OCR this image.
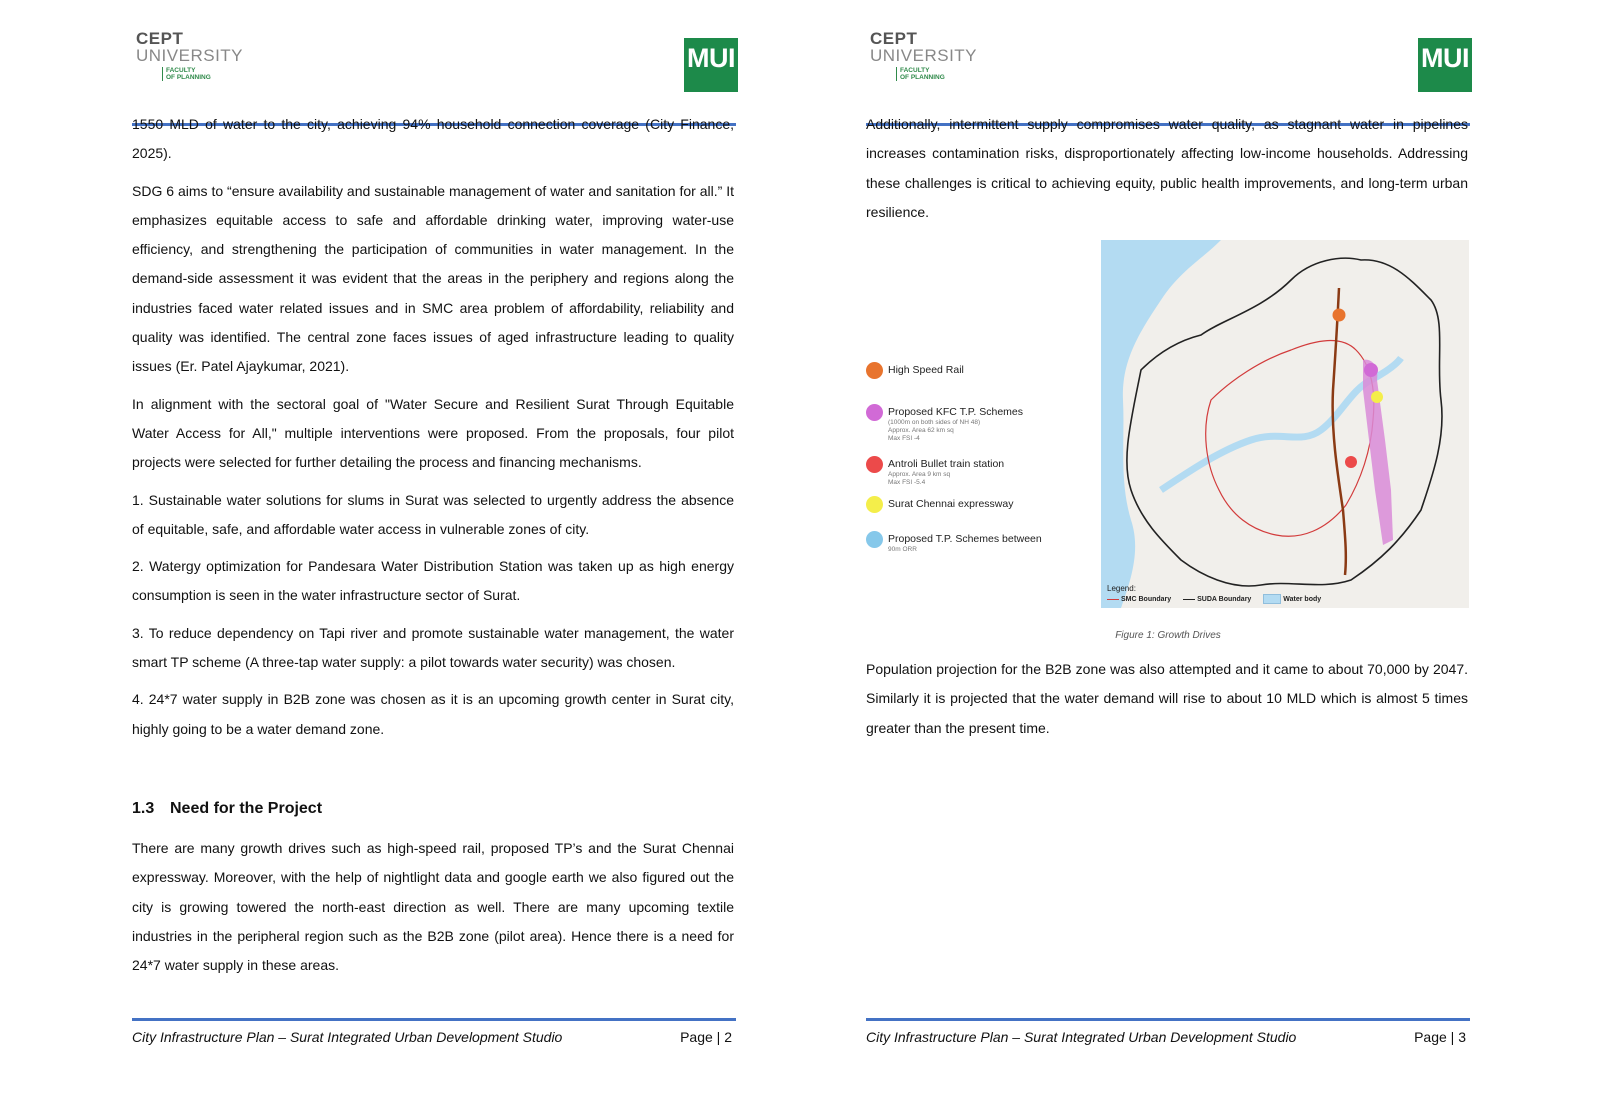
CEPT
UNIVERSITY
FACULTY
OF PLANNING
MUI

1550 MLD of water to the city, achieving 94% household connection coverage (City Finance, 2025).

SDG 6 aims to “ensure availability and sustainable management of water and sanitation for all.” It emphasizes equitable access to safe and affordable drinking water, improving water-use efficiency, and strengthening the participation of communities in water management. In the demand-side assessment it was evident that the areas in the periphery and regions along the industries faced water related issues and in SMC area problem of affordability, reliability and quality was identified. The central zone faces issues of aged infrastructure leading to quality issues (Er. Patel Ajaykumar, 2021).

In alignment with the sectoral goal of "Water Secure and Resilient Surat Through Equitable Water Access for All," multiple interventions were proposed. From the proposals, four pilot projects were selected for further detailing the process and financing mechanisms.

1. Sustainable water solutions for slums in Surat was selected to urgently address the absence of equitable, safe, and affordable water access in vulnerable zones of city.

2. Watergy optimization for Pandesara Water Distribution Station was taken up as high energy consumption is seen in the water infrastructure sector of Surat.

3. To reduce dependency on Tapi river and promote sustainable water management, the water smart TP scheme (A three-tap water supply: a pilot towards water security) was chosen.

4. 24*7 water supply in B2B zone was chosen as it is an upcoming growth center in Surat city, highly going to be a water demand zone.

1.3 Need for the Project

There are many growth drives such as high-speed rail, proposed TP’s and the Surat Chennai expressway. Moreover, with the help of nightlight data and google earth we also figured out the city is growing towered the north-east direction as well. There are many upcoming textile industries in the peripheral region such as the B2B zone (pilot area). Hence there is a need for 24*7 water supply in these areas.

City Infrastructure Plan – Surat Integrated Urban Development Studio	Page | 2
CEPT
UNIVERSITY
FACULTY
OF PLANNING
MUI

Additionally, intermittent supply compromises water quality, as stagnant water in pipelines increases contamination risks, disproportionately affecting low-income households. Addressing these challenges is critical to achieving equity, public health improvements, and long-term urban resilience.

High Speed Rail
Proposed KFC T.P. Schemes
(1000m on both sides of NH 48)
Approx. Area 62 km sq
Max FSI -4
Antroli Bullet train station
Approx. Area 9 km sq
Max FSI -5.4
Surat Chennai expressway
Proposed T.P. Schemes between
90m ORR
Legend:
SMC Boundary	SUDA Boundary	Water body
Figure 1: Growth Drives

Population projection for the B2B zone was also attempted and it came to about 70,000 by 2047. Similarly it is projected that the water demand will rise to about 10 MLD which is almost 5 times greater than the present time.

City Infrastructure Plan – Surat Integrated Urban Development Studio	Page | 3
